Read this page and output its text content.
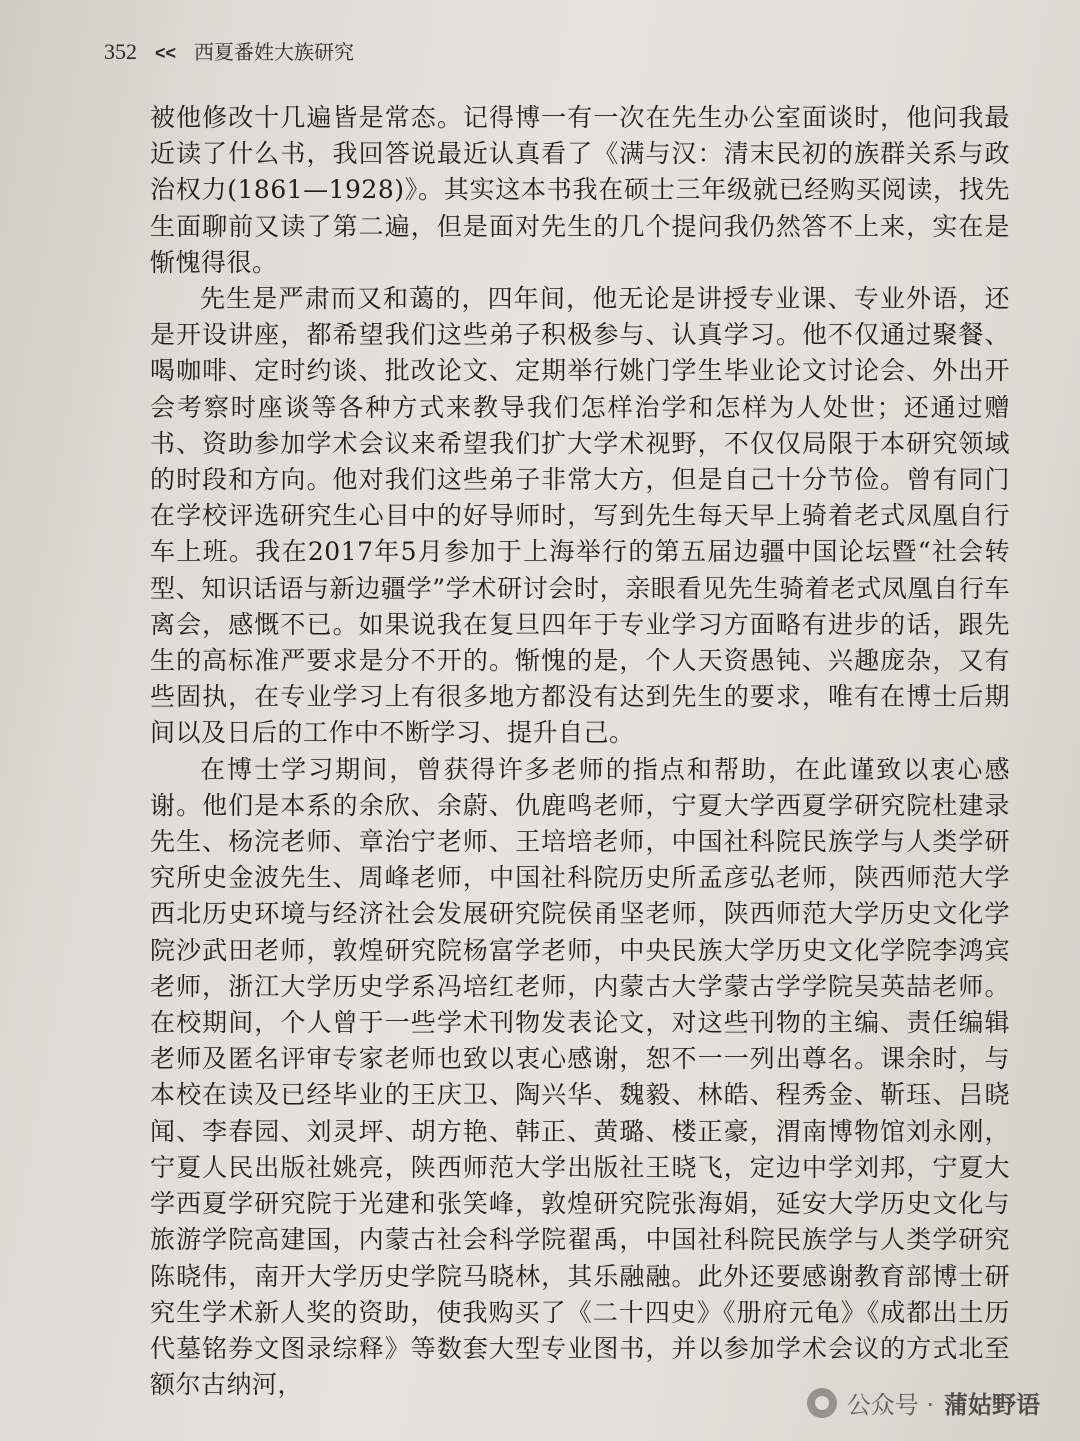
352 << 西夏番姓大族研究

被他修改十几遍皆是常态。记得博一有一次在先生办公室面谈时，他问我最近读了什么书，我回答说最近认真看了《满与汉：清末民初的族群关系与政治权力(1861—1928)》。其实这本书我在硕士三年级就已经购买阅读，找先生面聊前又读了第二遍，但是面对先生的几个提问我仍然答不上来，实在是惭愧得很。

先生是严肃而又和蔼的，四年间，他无论是讲授专业课、专业外语，还是开设讲座，都希望我们这些弟子积极参与、认真学习。他不仅通过聚餐、喝咖啡、定时约谈、批改论文、定期举行姚门学生毕业论文讨论会、外出开会考察时座谈等各种方式来教导我们怎样治学和怎样为人处世；还通过赠书、资助参加学术会议来希望我们扩大学术视野，不仅仅局限于本研究领域的时段和方向。他对我们这些弟子非常大方，但是自己十分节俭。曾有同门在学校评选研究生心目中的好导师时，写到先生每天早上骑着老式凤凰自行车上班。我在2017年5月参加于上海举行的第五届边疆中国论坛暨“社会转型、知识话语与新边疆学”学术研讨会时，亲眼看见先生骑着老式凤凰自行车离会，感慨不已。如果说我在复旦四年于专业学习方面略有进步的话，跟先生的高标准严要求是分不开的。惭愧的是，个人天资愚钝、兴趣庞杂，又有些固执，在专业学习上有很多地方都没有达到先生的要求，唯有在博士后期间以及日后的工作中不断学习、提升自己。

在博士学习期间，曾获得许多老师的指点和帮助，在此谨致以衷心感谢。他们是本系的余欣、余蔚、仇鹿鸣老师，宁夏大学西夏学研究院杜建录先生、杨浣老师、章治宁老师、王培培老师，中国社科院民族学与人类学研究所史金波先生、周峰老师，中国社科院历史所孟彦弘老师，陕西师范大学西北历史环境与经济社会发展研究院侯甬坚老师，陕西师范大学历史文化学院沙武田老师，敦煌研究院杨富学老师，中央民族大学历史文化学院李鸿宾老师，浙江大学历史学系冯培红老师，内蒙古大学蒙古学学院吴英喆老师。在校期间，个人曾于一些学术刊物发表论文，对这些刊物的主编、责任编辑老师及匿名评审专家老师也致以衷心感谢，恕不一一列出尊名。课余时，与本校在读及已经毕业的王庆卫、陶兴华、魏毅、林皓、程秀金、靳珏、吕晓闻、李春园、刘灵坪、胡方艳、韩正、黄璐、楼正豪，渭南博物馆刘永刚，宁夏人民出版社姚亮，陕西师范大学出版社王晓飞，定边中学刘邦，宁夏大学西夏学研究院于光建和张笑峰，敦煌研究院张海娟，延安大学历史文化与旅游学院高建国，内蒙古社会科学院翟禹，中国社科院民族学与人类学研究陈晓伟，南开大学历史学院马晓林，其乐融融。此外还要感谢教育部博士研究生学术新人奖的资助，使我购买了《二十四史》《册府元龟》《成都出土历代墓铭券文图录综释》等数套大型专业图书，并以参加学术会议的方式北至额尔古纳河，

公众号 · 蒲姑野语
